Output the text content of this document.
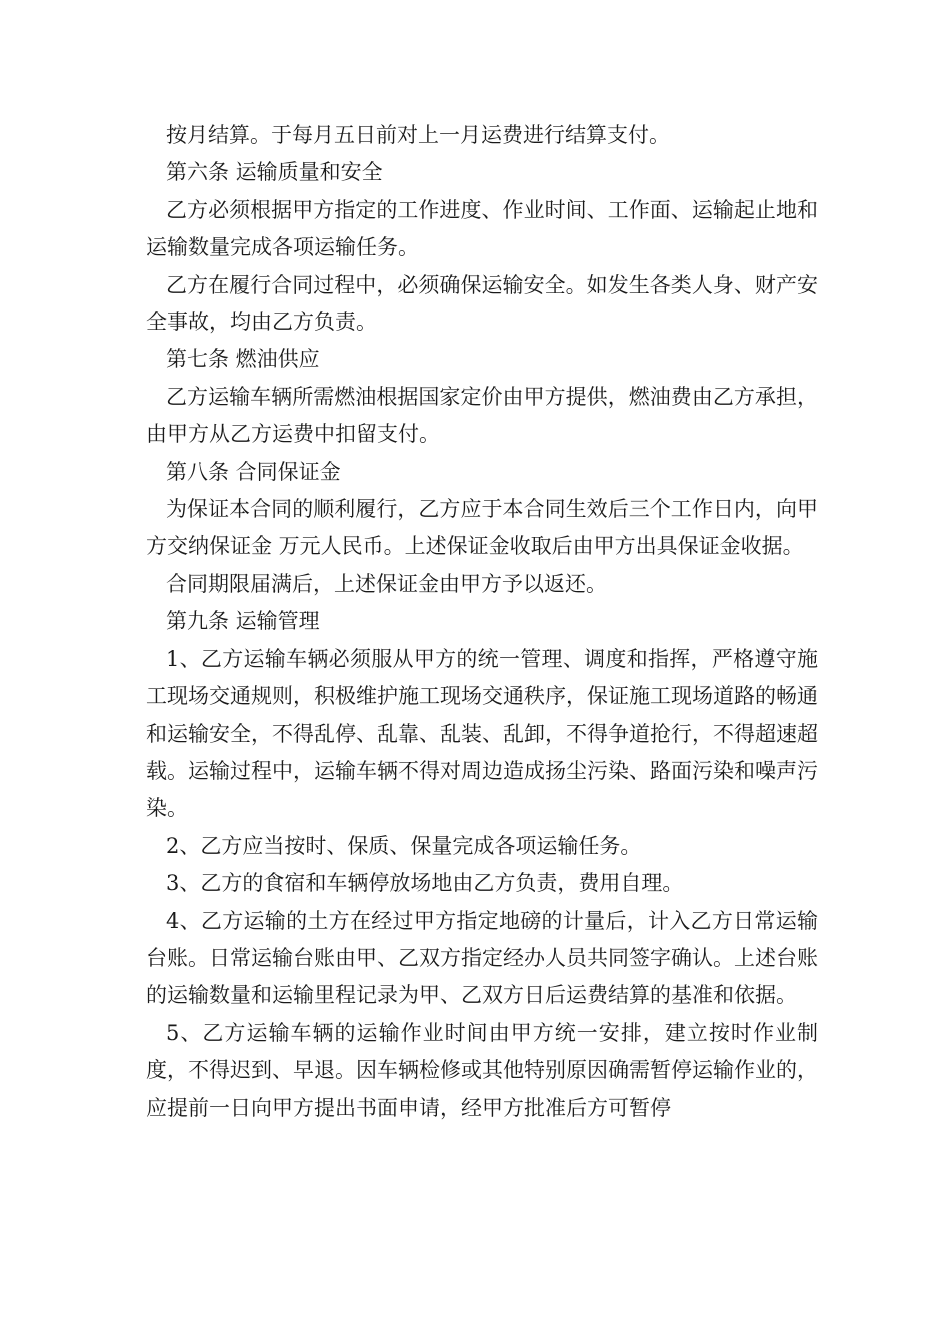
按月结算。于每月五日前对上一月运费进行结算支付。

第六条 运输质量和安全

乙方必须根据甲方指定的工作进度、作业时间、工作面、运输起止地和运输数量完成各项运输任务。

乙方在履行合同过程中，必须确保运输安全。如发生各类人身、财产安全事故，均由乙方负责。

第七条 燃油供应

乙方运输车辆所需燃油根据国家定价由甲方提供，燃油费由乙方承担，由甲方从乙方运费中扣留支付。

第八条 合同保证金

为保证本合同的顺利履行，乙方应于本合同生效后三个工作日内，向甲方交纳保证金 万元人民币。上述保证金收取后由甲方出具保证金收据。

合同期限届满后，上述保证金由甲方予以返还。

第九条 运输管理

1、乙方运输车辆必须服从甲方的统一管理、调度和指挥，严格遵守施工现场交通规则，积极维护施工现场交通秩序，保证施工现场道路的畅通和运输安全，不得乱停、乱靠、乱装、乱卸，不得争道抢行，不得超速超载。运输过程中，运输车辆不得对周边造成扬尘污染、路面污染和噪声污染。

2、乙方应当按时、保质、保量完成各项运输任务。

3、乙方的食宿和车辆停放场地由乙方负责，费用自理。

4、乙方运输的土方在经过甲方指定地磅的计量后，计入乙方日常运输台账。日常运输台账由甲、乙双方指定经办人员共同签字确认。上述台账的运输数量和运输里程记录为甲、乙双方日后运费结算的基准和依据。

5、乙方运输车辆的运输作业时间由甲方统一安排，建立按时作业制度，不得迟到、早退。因车辆检修或其他特别原因确需暂停运输作业的，应提前一日向甲方提出书面申请，经甲方批准后方可暂停
